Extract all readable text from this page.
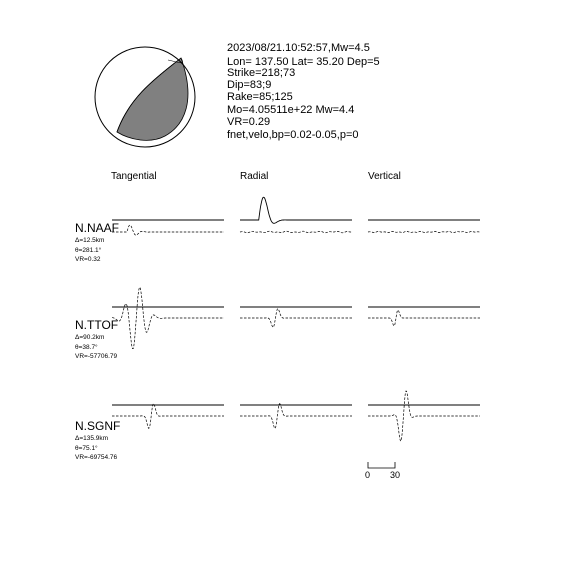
2023/08/21.10:52:57,Mw=4.5
Lon= 137.50 Lat= 35.20 Dep=5
Strike=218;73
Dip=83;9
Rake=85;125
Mo=4.05511e+22 Mw=4.4
VR=0.29
fnet,velo,bp=0.02-0.05,p=0
Tangential	Radial	Vertical
N.NAAF
Δ=12.5km
θ=281.1°
VR=0.32
N.TTOF
Δ=90.2km
θ=38.7°
VR=-57706.79
N.SGNF
Δ=135.9km
θ=75.1°
VR=-69754.76
0 30
